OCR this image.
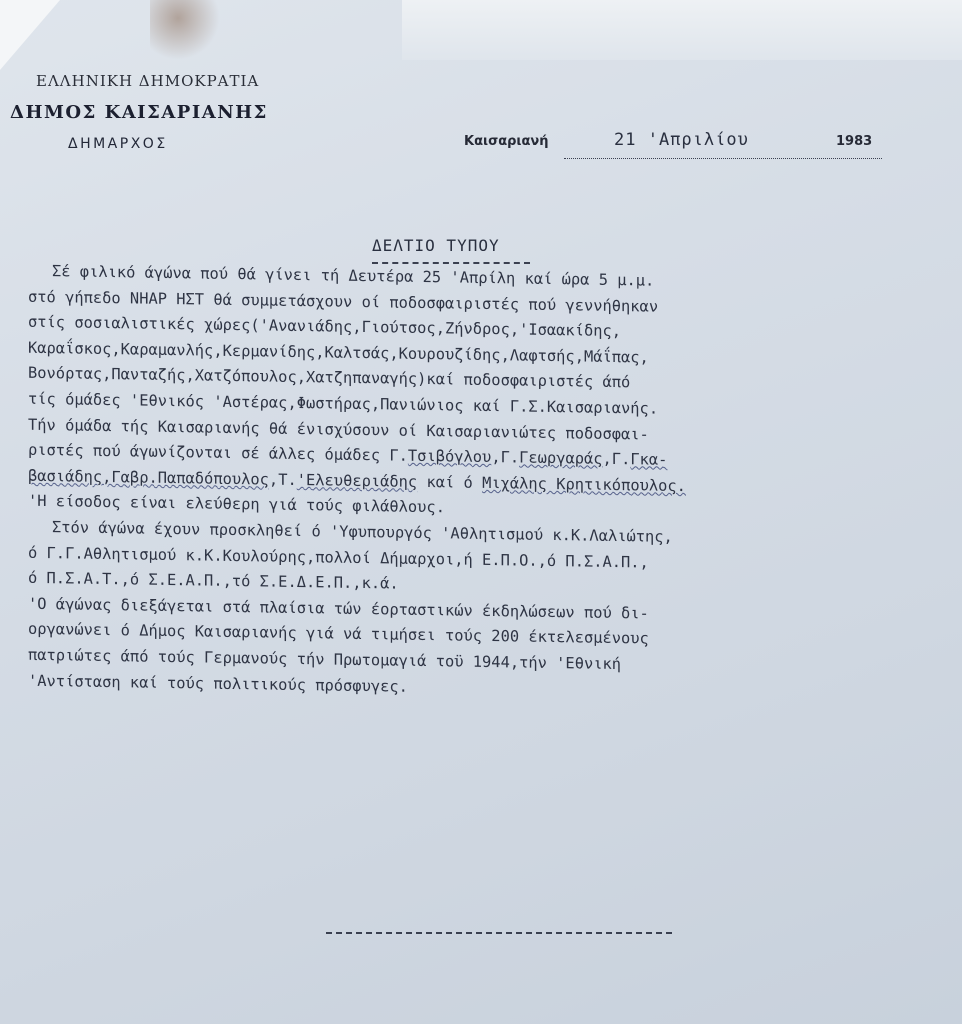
ΕΛΛΗΝΙΚΗ ΔΗΜΟΚΡΑΤΙΑ
ΔΗΜΟΣ ΚΑΙΣΑΡΙΑΝΗΣ
ΔΗΜΑΡΧΟΣ	Καισαριανή	21 'Απριλίου	1983
ΔΕΛΤΙΟ ΤΥΠΟΥ
Σέ φιλικό άγώνα πού θά γίνει τή Δευτέρα 25 'Απρίλη καί ώρα 5 μ.μ.
στό γήπεδο ΝΗΑΡ ΗΣΤ θά συμμετάσχουν οί ποδοσφαιριστές πού γεννήθηκαν
στίς σοσιαλιστικές χώρες('Ανανιάδης,Γιούτσος,Ζήνδρος,'Ισαακίδης,
Καραΐσκος,Καραμανλής,Κερμανίδης,Καλτσάς,Κουρουζίδης,Λαφτσής,Μάΐπας,
Βονόρτας,Πανταζής,Χατζόπουλος,Χατζηπαναγής)καί ποδοσφαιριστές άπό
τίς όμάδες 'Εθνικός 'Αστέρας,Φωστήρας,Πανιώνιος καί Γ.Σ.Καισαριανής.
Τήν όμάδα τής Καισαριανής θά ένισχύσουν οί Καισαριανιώτες ποδοσφαι-
ριστές πού άγωνίζονται σέ άλλες όμάδες Γ.Τσιβόγλου,Γ.Γεωργαράς,Γ.Γκα-
βασιάδης,Γαβρ.Παπαδόπουλος,Τ.'Ελευθεριάδης καί ό Μιχάλης Κρητικόπουλος.
'Η είσοδος είναι ελεύθερη γιά τούς φιλάθλους.
Στόν άγώνα έχουν προσκληθεί ό 'Υφυπουργός 'Αθλητισμού κ.Κ.Λαλιώτης,
ό Γ.Γ.Αθλητισμού κ.Κ.Κουλούρης,πολλοί Δήμαρχοι,ή Ε.Π.Ο.,ό Π.Σ.Α.Π.,
ό Π.Σ.Α.Τ.,ό Σ.Ε.Α.Π.,τό Σ.Ε.Δ.Ε.Π.,κ.ά.
'Ο άγώνας διεξάγεται στά πλαίσια τών έορταστικών έκδηλώσεων πού δι-
οργανώνει ό Δήμος Καισαριανής γιά νά τιμήσει τούς 200 έκτελεσμένους
πατριώτες άπό τούς Γερμανούς τήν Πρωτομαγιά τοϋ 1944,τήν 'Εθνική
'Αντίσταση καί τούς πολιτικούς πρόσφυγες.
